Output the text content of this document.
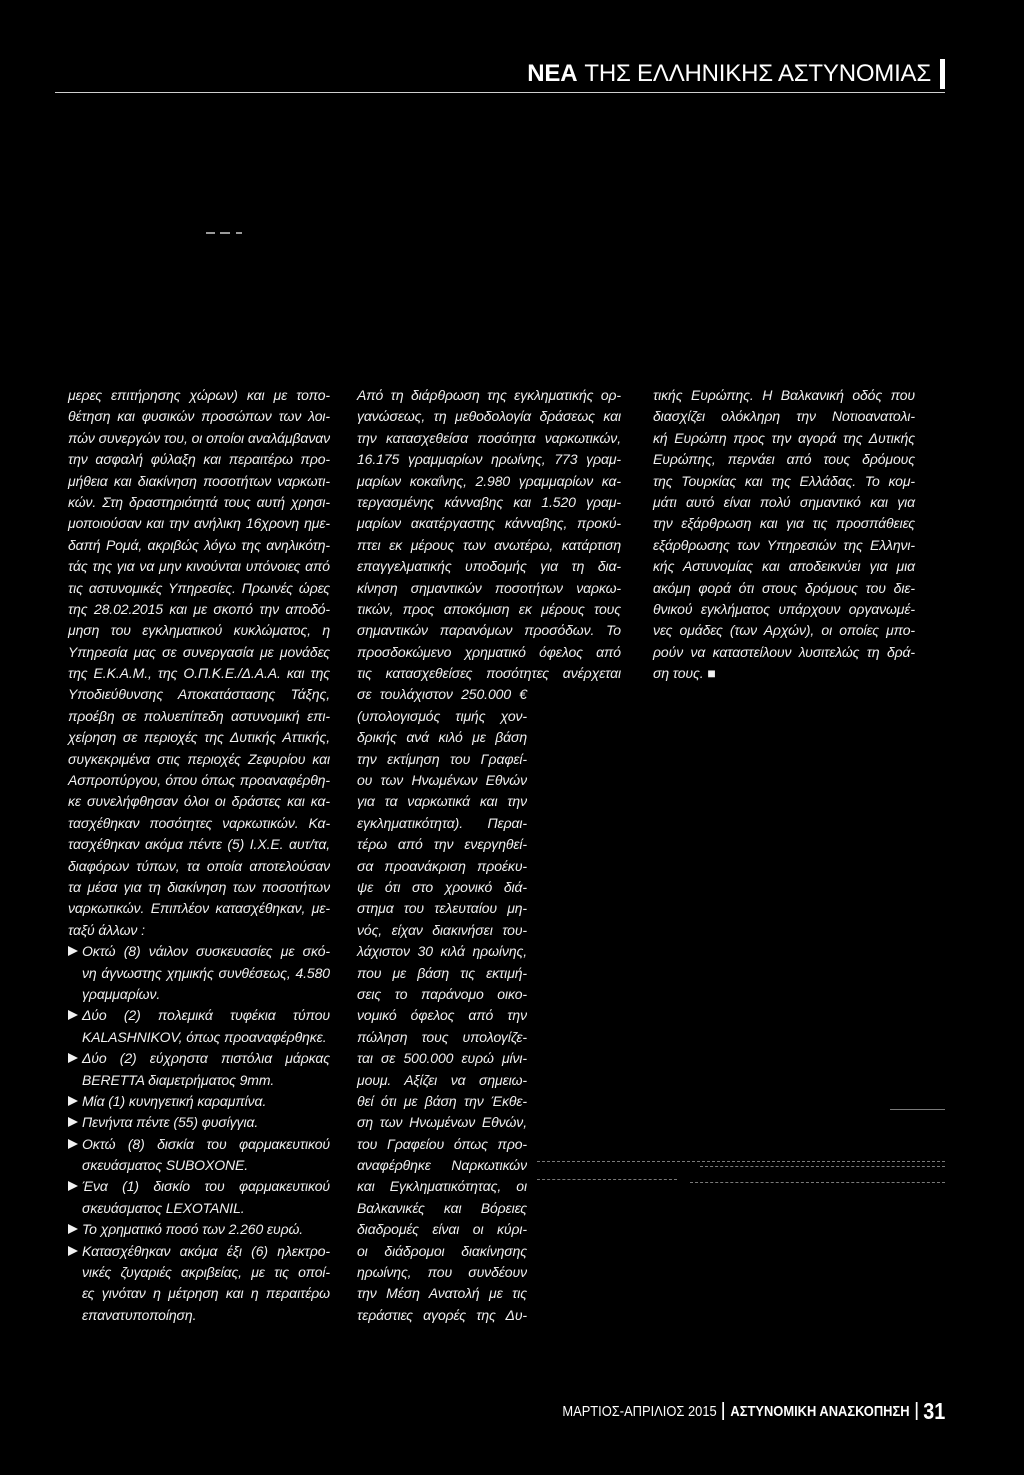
ΝΕΑ ΤΗΣ ΕΛΛΗΝΙΚΗΣ ΑΣΤΥΝΟΜΙΑΣ
μερες επιτήρησης χώρων) και με τοπο-
θέτηση και φυσικών προσώπων των λοι-
πών συνεργών του, οι οποίοι αναλάμβαναν
την ασφαλή φύλαξη και περαιτέρω προ-
μήθεια και διακίνηση ποσοτήτων ναρκωτι-
κών. Στη δραστηριότητά τους αυτή χρησι-
μοποιούσαν και την ανήλικη 16χρονη ημε-
δαπή Ρομά, ακριβώς λόγω της ανηλικότη-
τάς της για να μην κινούνται υπόνοιες από
τις αστυνομικές Υπηρεσίες. Πρωινές ώρες
της 28.02.2015 και με σκοπό την αποδό-
μηση του εγκληματικού κυκλώματος, η
Υπηρεσία μας σε συνεργασία με μονάδες
της Ε.Κ.Α.Μ., της Ο.Π.Κ.Ε./Δ.Α.Α. και της
Υποδιεύθυνσης Αποκατάστασης Τάξης,
προέβη σε πολυεπίπεδη αστυνομική επι-
χείρηση σε περιοχές της Δυτικής Αττικής,
συγκεκριμένα στις περιοχές Ζεφυρίου και
Ασπροπύργου, όπου όπως προαναφέρθη-
κε συνελήφθησαν όλοι οι δράστες και κα-
τασχέθηκαν ποσότητες ναρκωτικών. Κα-
τασχέθηκαν ακόμα πέντε (5) Ι.Χ.Ε. αυτ/τα,
διαφόρων τύπων, τα οποία αποτελούσαν
τα μέσα για τη διακίνηση των ποσοτήτων
ναρκωτικών. Επιπλέον κατασχέθηκαν, με-
ταξύ άλλων :
Οκτώ (8) νάιλον συσκευασίες με σκό-
νη άγνωστης χημικής συνθέσεως, 4.580
γραμμαρίων.
Δύο (2) πολεμικά τυφέκια τύπου
KALASHNIKOV, όπως προαναφέρθηκε.
Δύο (2) εύχρηστα πιστόλια μάρκας
BERETTA διαμετρήματος 9mm.
Μία (1) κυνηγετική καραμπίνα.
Πενήντα πέντε (55) φυσίγγια.
Οκτώ (8) δισκία του φαρμακευτικού
σκευάσματος SUBOXONE.
Ένα (1) δισκίο του φαρμακευτικού
σκευάσματος LEXOTANIL.
Το χρηματικό ποσό των 2.260 ευρώ.
Κατασχέθηκαν ακόμα έξι (6) ηλεκτρο-
νικές ζυγαριές ακριβείας, με τις οποί-
ες γινόταν η μέτρηση και η περαιτέρω
επανατυποποίηση.
Από τη διάρθρωση της εγκληματικής ορ-
γανώσεως, τη μεθοδολογία δράσεως και
την κατασχεθείσα ποσότητα ναρκωτικών,
16.175 γραμμαρίων ηρωίνης, 773 γραμ-
μαρίων κοκαΐνης, 2.980 γραμμαρίων κα-
τεργασμένης κάνναβης και 1.520 γραμ-
μαρίων ακατέργαστης κάνναβης, προκύ-
πτει εκ μέρους των ανωτέρω, κατάρτιση
επαγγελματικής υποδομής για τη δια-
κίνηση σημαντικών ποσοτήτων ναρκω-
τικών, προς αποκόμιση εκ μέρους τους
σημαντικών παρανόμων προσόδων. Το
προσδοκώμενο χρηματικό όφελος από
τις κατασχεθείσες ποσότητες ανέρχεται
σε τουλάχιστον 250.000 €
(υπολογισμός τιμής χον-
δρικής ανά κιλό με βάση
την εκτίμηση του Γραφεί-
ου των Ηνωμένων Εθνών
για τα ναρκωτικά και την
εγκληματικότητα). Περαι-
τέρω από την ενεργηθεί-
σα προανάκριση προέκυ-
ψε ότι στο χρονικό διά-
στημα του τελευταίου μη-
νός, είχαν διακινήσει του-
λάχιστον 30 κιλά ηρωίνης,
που με βάση τις εκτιμή-
σεις το παράνομο οικο-
νομικό όφελος από την
πώληση τους υπολογίζε-
ται σε 500.000 ευρώ μίνι-
μουμ. Αξίζει να σημειω-
θεί ότι με βάση την Έκθε-
ση των Ηνωμένων Εθνών,
του Γραφείου όπως προ-
αναφέρθηκε Ναρκωτικών
και Εγκληματικότητας, οι
Βαλκανικές και Βόρειες
διαδρομές είναι οι κύρι-
οι διάδρομοι διακίνησης
ηρωίνης, που συνδέουν
την Μέση Ανατολή με τις
τεράστιες αγορές της Δυ-
τικής Ευρώπης. Η Βαλκανική οδός που
διασχίζει ολόκληρη την Νοτιοανατολι-
κή Ευρώπη προς την αγορά της Δυτικής
Ευρώπης, περνάει από τους δρόμους
της Τουρκίας και της Ελλάδας. Το κομ-
μάτι αυτό είναι πολύ σημαντικό και για
την εξάρθρωση και για τις προσπάθειες
εξάρθρωσης των Υπηρεσιών της Ελληνι-
κής Αστυνομίας και αποδεικνύει για μια
ακόμη φορά ότι στους δρόμους του διε-
θνικού εγκλήματος υπάρχουν οργανωμέ-
νες ομάδες (των Αρχών), οι οποίες μπο-
ρούν να καταστείλουν λυσιτελώς τη δρά-
ση τους. ■
ΜΑΡΤΙΟΣ-ΑΠΡΙΛΙΟΣ 2015 ΑΣΤΥΝΟΜΙΚΗ ΑΝΑΣΚΟΠΗΣΗ 31
